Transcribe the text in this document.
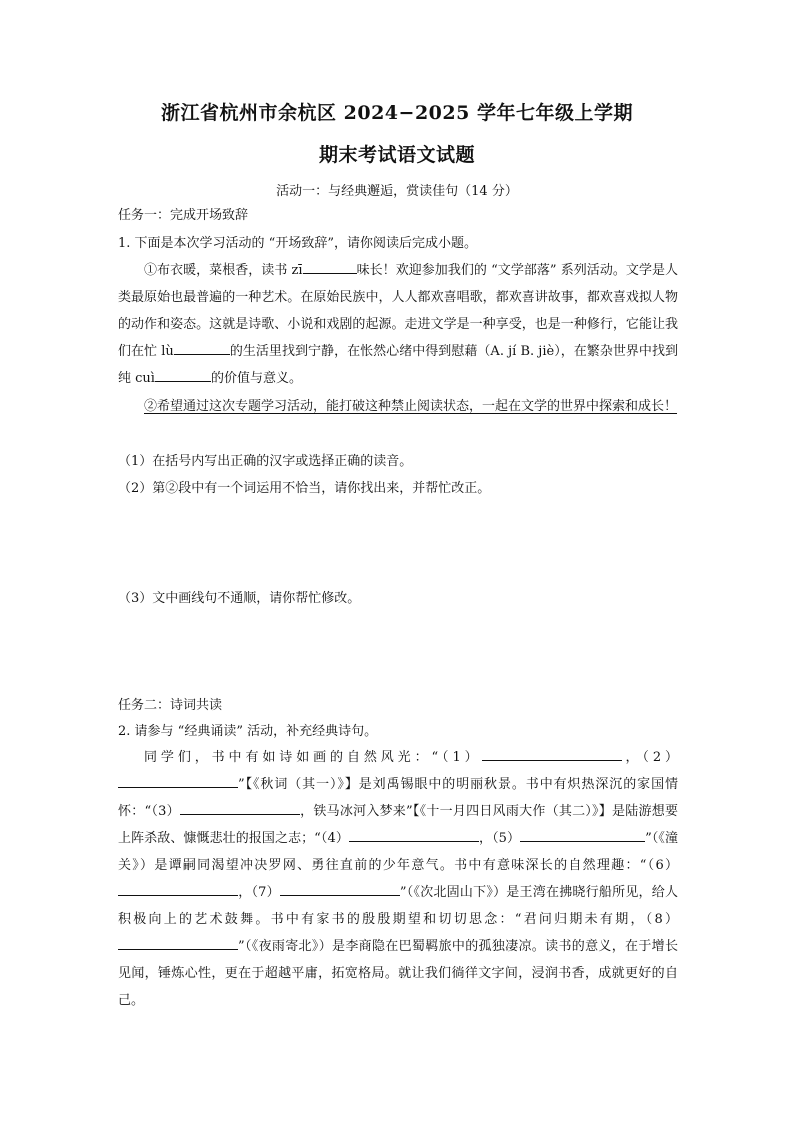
浙江省杭州市余杭区 2024−2025 学年七年级上学期
期末考试语文试题
活动一：与经典邂逅，赏读佳句（14 分）
任务一：完成开场致辞
1. 下面是本次学习活动的 “开场致辞”，请你阅读后完成小题。
①布衣暖，菜根香，读书 zī	味长！欢迎参加我们的 “文学部落” 系列活动。文学是人类最原始也最普遍的一种艺术。在原始民族中，人人都欢喜唱歌，都欢喜讲故事，都欢喜戏拟人物的动作和姿态。这就是诗歌、小说和戏剧的起源。走进文学是一种享受，也是一种修行，它能让我们在忙 lù	的生活里找到宁静，在怅然心绪中得到慰藉（A. jí B. jiè），在繁杂世界中找到纯 cuì	的价值与意义。
②希望通过这次专题学习活动，能打破这种禁止阅读状态，一起在文学的世界中探索和成长！
（1）在括号内写出正确的汉字或选择正确的读音。
（2）第②段中有一个词运用不恰当，请你找出来，并帮忙改正。
（3）文中画线句不通顺，请你帮忙修改。
任务二：诗词共读
2. 请参与 “经典诵读” 活动，补充经典诗句。
同学们，书中有如诗如画的自然风光：“（1）	，（2）”【《秋词（其一）》】是刘禹锡眼中的明丽秋景。书中有炽热深沉的家国情怀：“（3）	，铁马冰河入梦来”【《十一月四日风雨大作（其二）》】是陆游想要上阵杀敌、慷慨悲壮的报国之志；“（4）	，（5）	”（《潼关》）是谭嗣同渴望冲决罗网、勇往直前的少年意气。书中有意味深长的自然理趣：“（6），（7）	”（《次北固山下》）是王湾在拂晓行船所见，给人积极向上的艺术鼓舞。书中有家书的殷殷期望和切切思念：“君问归期未有期，（8）”（《夜雨寄北》）是李商隐在巴蜀羁旅中的孤独凄凉。读书的意义，在于增长见闻，锤炼心性，更在于超越平庸，拓宽格局。就让我们徜徉文字间，浸润书香，成就更好的自己。
